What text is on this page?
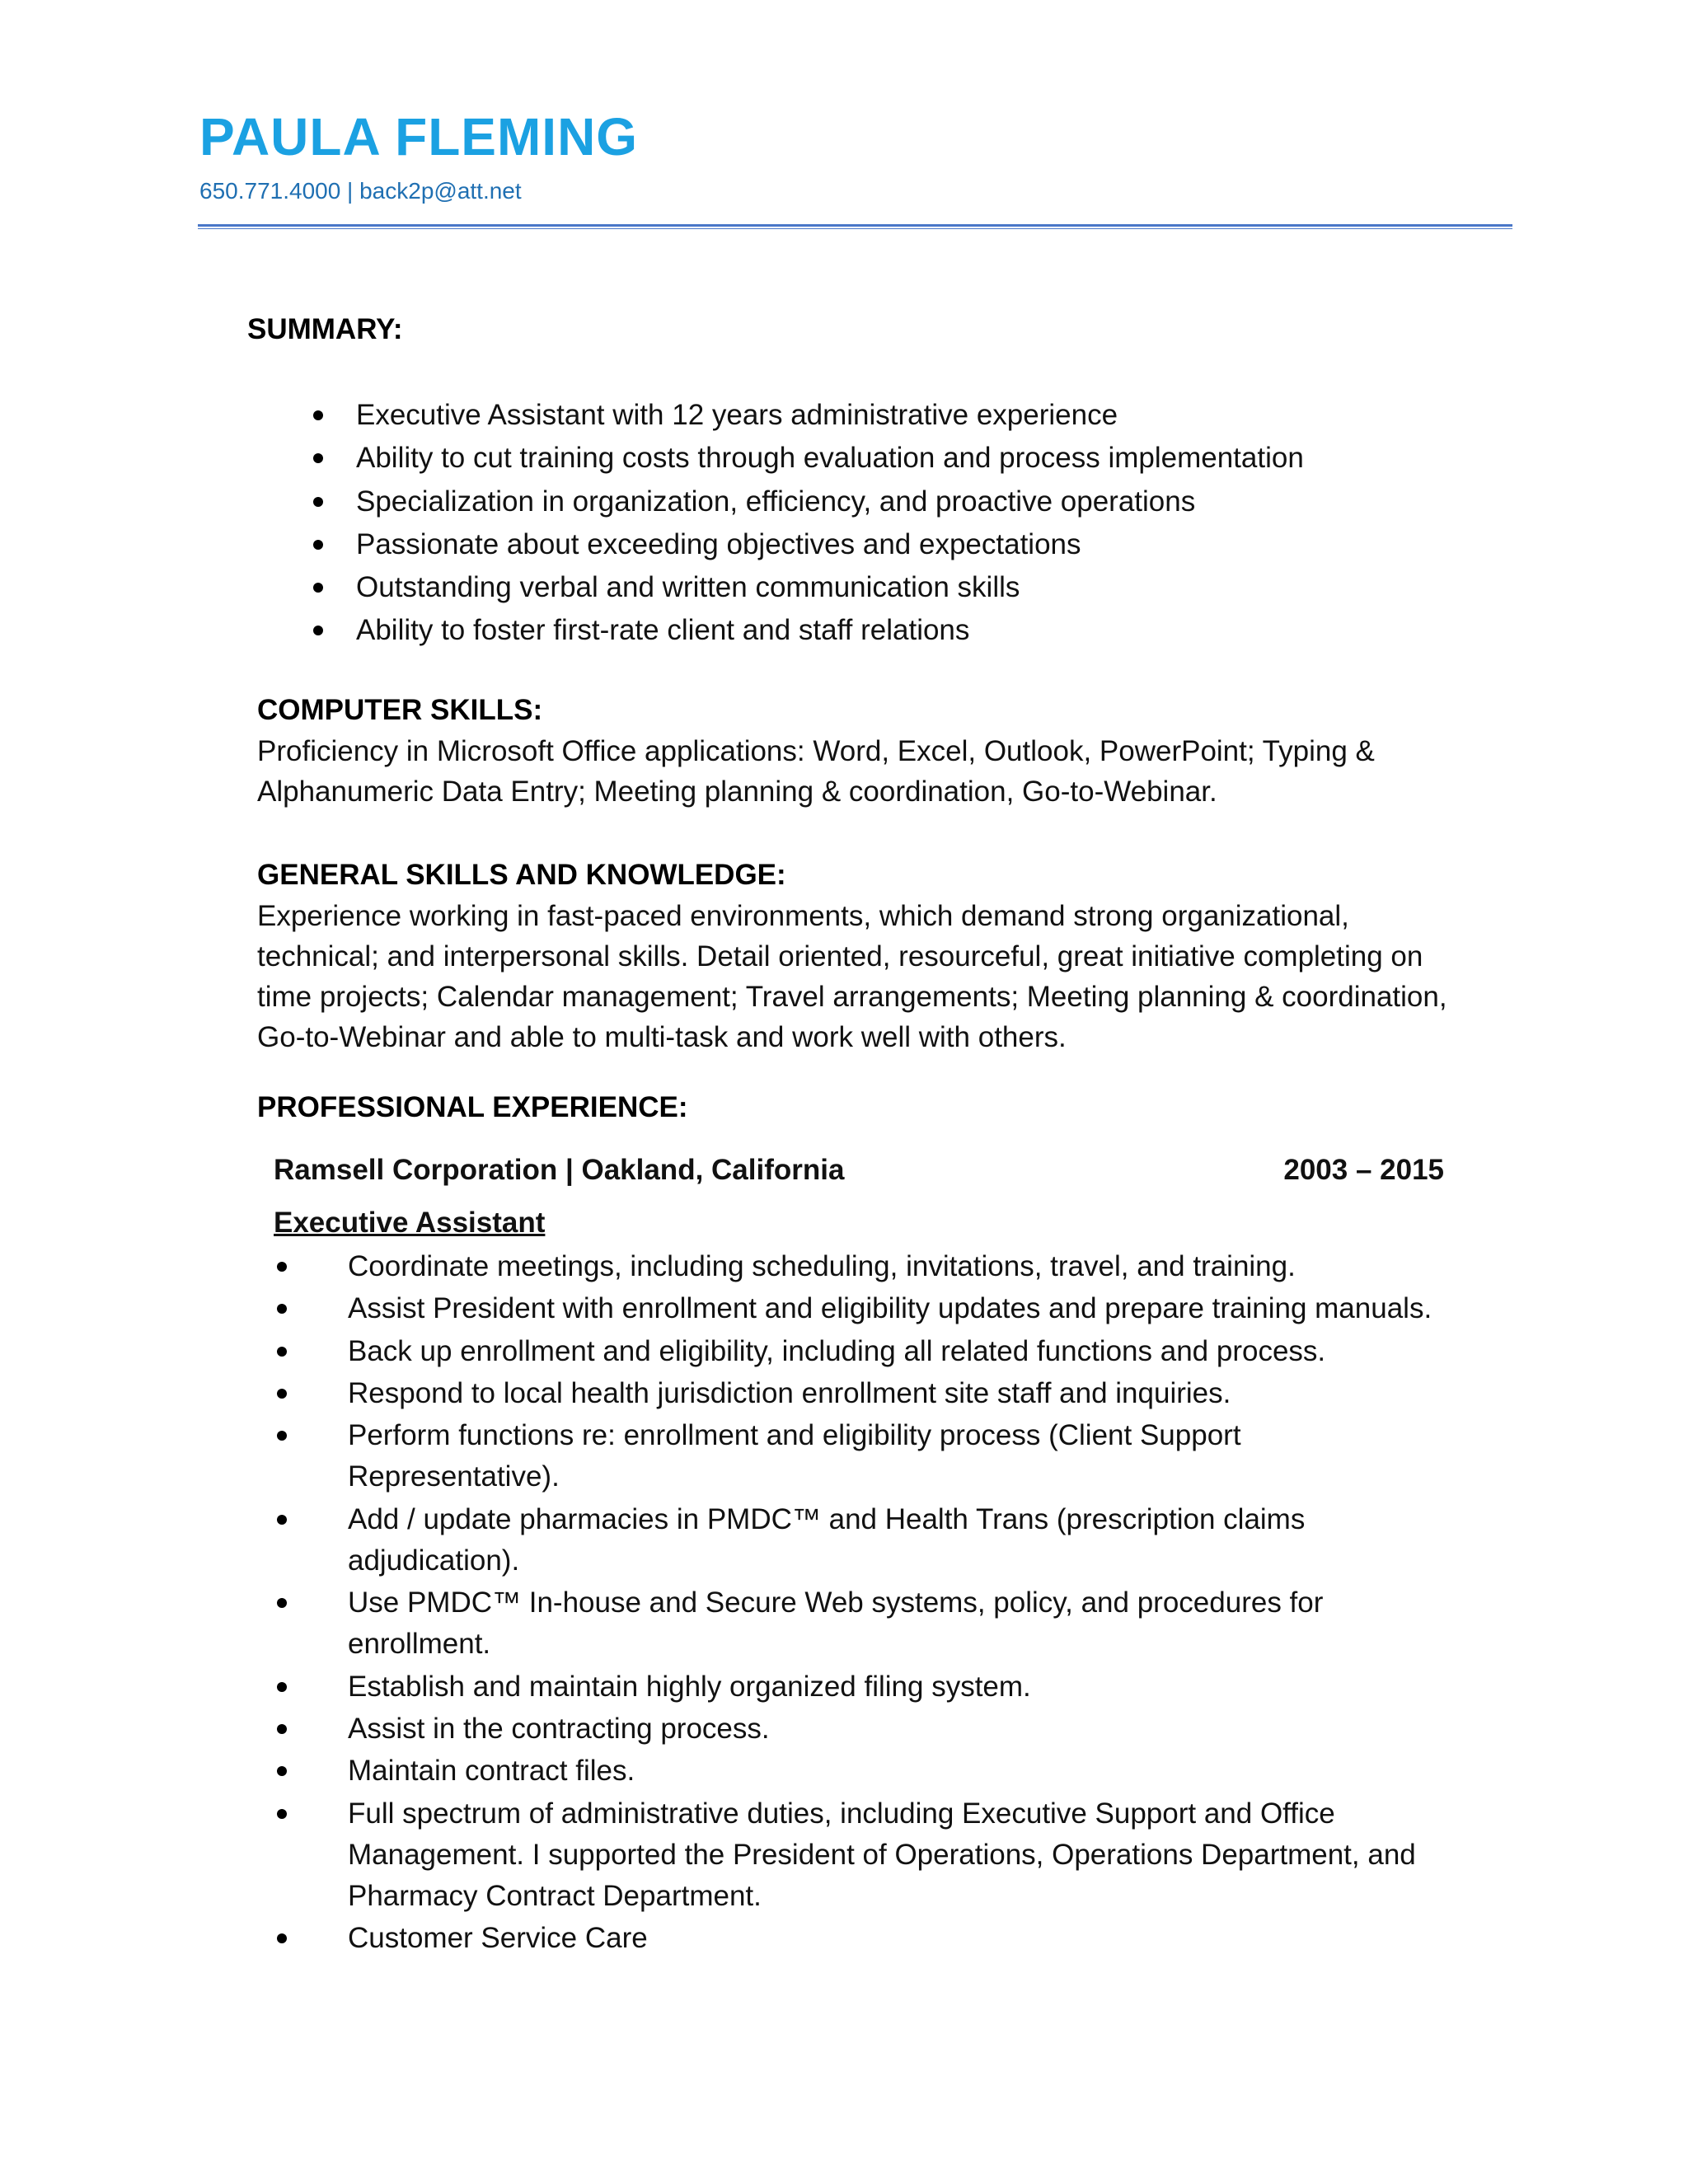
PAULA FLEMING
650.771.4000 | back2p@att.net
SUMMARY:
Executive Assistant with 12 years administrative experience
Ability to cut training costs through evaluation and process implementation
Specialization in organization, efficiency, and proactive operations
Passionate about exceeding objectives and expectations
Outstanding verbal and written communication skills
Ability to foster first-rate client and staff relations
COMPUTER SKILLS:
Proficiency in Microsoft Office applications: Word, Excel, Outlook, PowerPoint; Typing & Alphanumeric Data Entry; Meeting planning & coordination, Go-to-Webinar.
GENERAL SKILLS AND KNOWLEDGE:
Experience working in fast-paced environments, which demand strong organizational, technical; and interpersonal skills. Detail oriented, resourceful, great initiative completing on time projects; Calendar management; Travel arrangements; Meeting planning & coordination, Go-to-Webinar and able to multi-task and work well with others.
PROFESSIONAL EXPERIENCE:
Ramsell Corporation | Oakland, California	2003 – 2015
Executive Assistant
Coordinate meetings, including scheduling, invitations, travel, and training.
Assist President with enrollment and eligibility updates and prepare training manuals.
Back up enrollment and eligibility, including all related functions and process.
Respond to local health jurisdiction enrollment site staff and inquiries.
Perform functions re: enrollment and eligibility process (Client Support Representative).
Add / update pharmacies in PMDC™ and Health Trans (prescription claims adjudication).
Use PMDC™ In-house and Secure Web systems, policy, and procedures for enrollment.
Establish and maintain highly organized filing system.
Assist in the contracting process.
Maintain contract files.
Full spectrum of administrative duties, including Executive Support and Office Management. I supported the President of Operations, Operations Department, and Pharmacy Contract Department.
Customer Service Care
